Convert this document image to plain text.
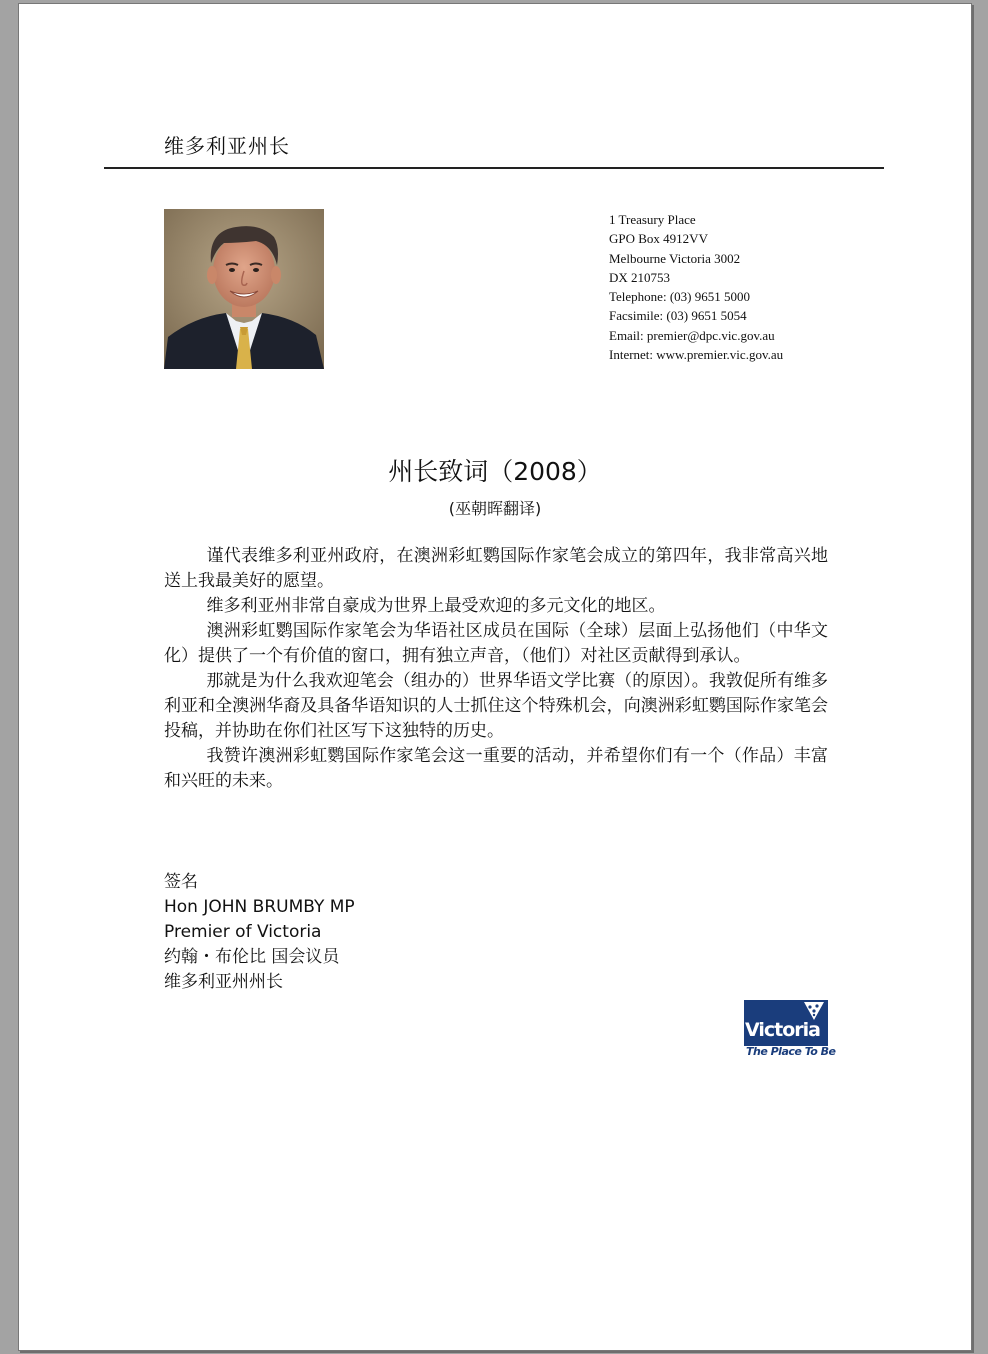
维多利亚州长
1 Treasury Place
GPO Box 4912VV
Melbourne Victoria 3002
DX 210753
Telephone: (03) 9651 5000
Facsimile: (03) 9651 5054
Email: premier@dpc.vic.gov.au
Internet: www.premier.vic.gov.au
州长致词（2008）
(巫朝晖翻译)

谨代表维多利亚州政府，在澳洲彩虹鹦国际作家笔会成立的第四年，我非常高兴地送上我最美好的愿望。

维多利亚州非常自豪成为世界上最受欢迎的多元文化的地区。

澳洲彩虹鹦国际作家笔会为华语社区成员在国际（全球）层面上弘扬他们（中华文化）提供了一个有价值的窗口，拥有独立声音，（他们）对社区贡献得到承认。

那就是为什么我欢迎笔会（组办的）世界华语文学比赛（的原因）。我敦促所有维多利亚和全澳洲华裔及具备华语知识的人士抓住这个特殊机会，向澳洲彩虹鹦国际作家笔会投稿，并协助在你们社区写下这独特的历史。

我赞许澳洲彩虹鹦国际作家笔会这一重要的活动，并希望你们有一个（作品）丰富和兴旺的未来。

签名
Hon JOHN BRUMBY MP
Premier of Victoria
约翰・布伦比 国会议员
维多利亚州州长
Victoria
The Place To Be
